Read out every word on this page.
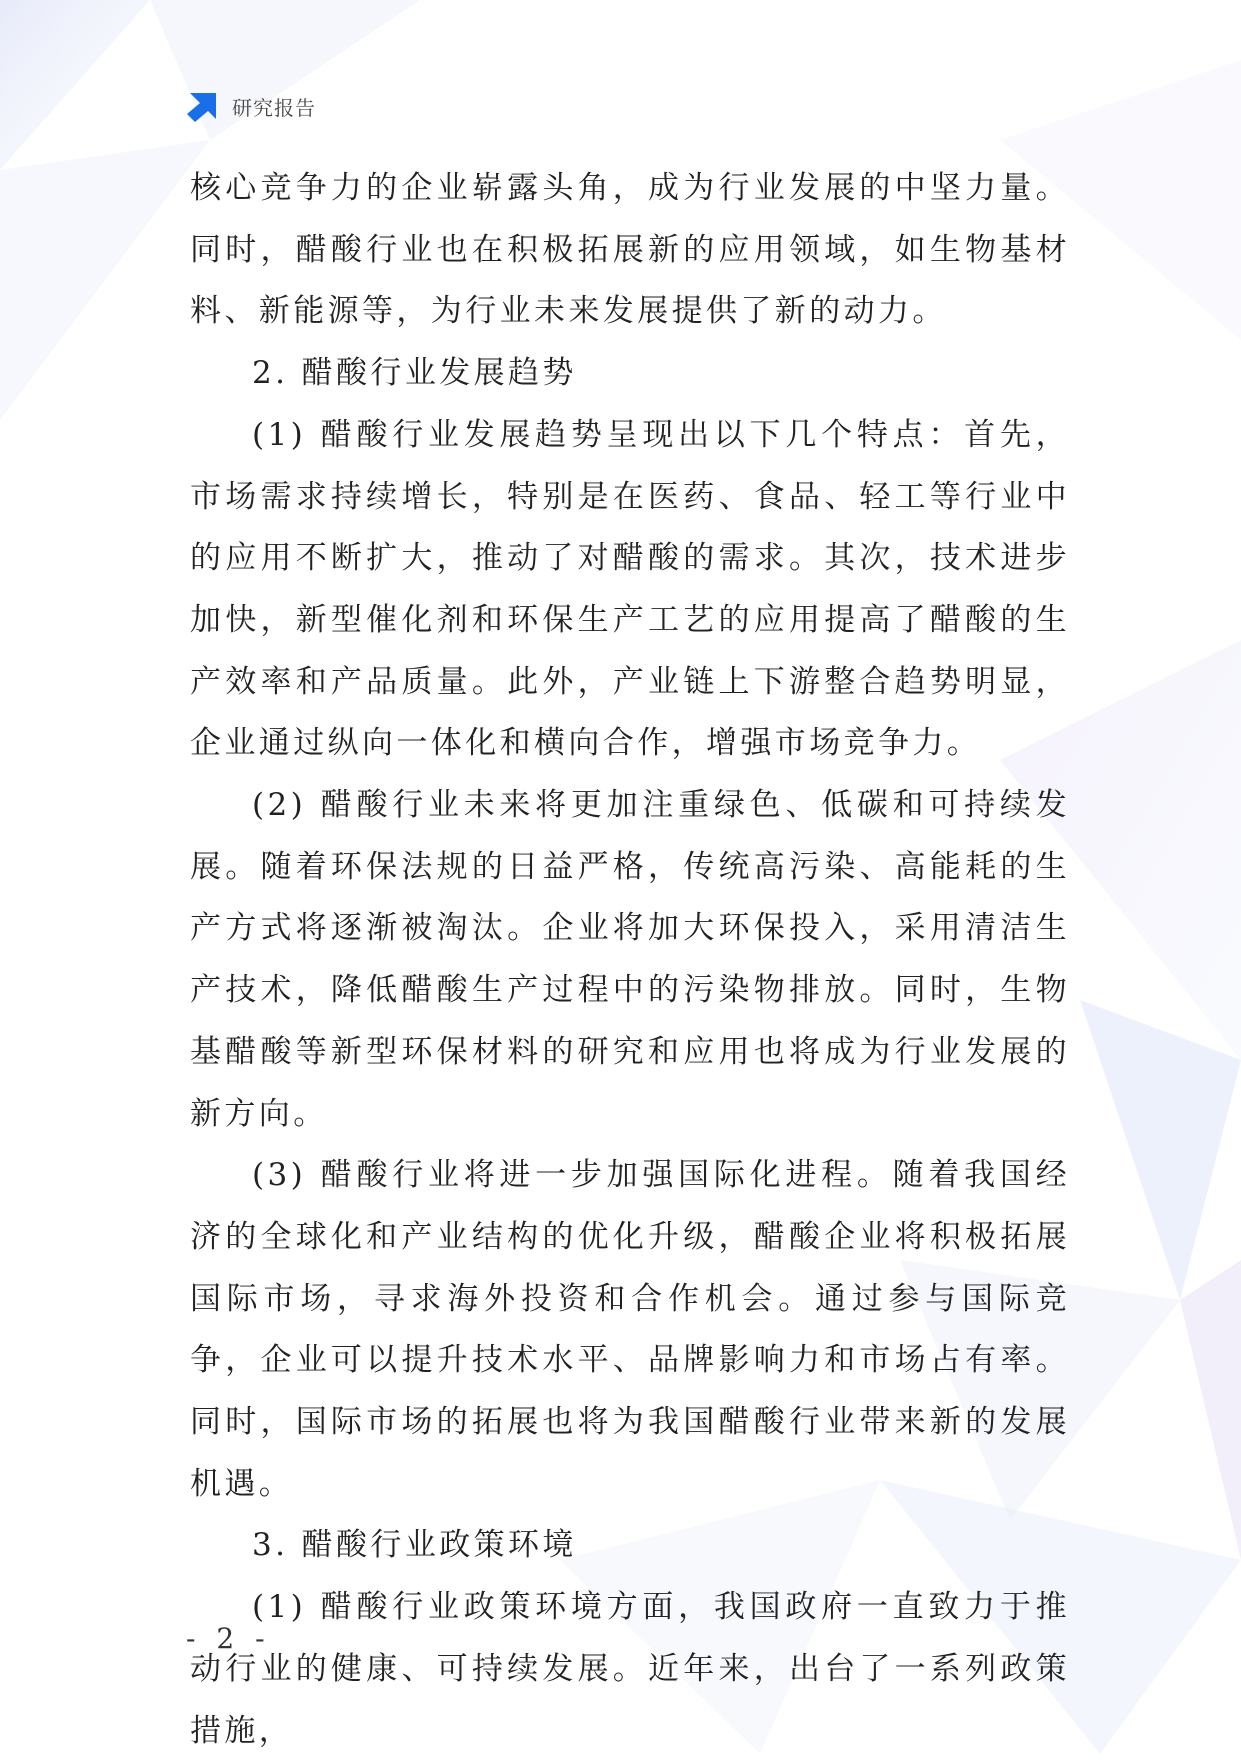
研究报告

核心竞争力的企业崭露头角，成为行业发展的中坚力量。同时，醋酸行业也在积极拓展新的应用领域，如生物基材料、新能源等，为行业未来发展提供了新的动力。

2. 醋酸行业发展趋势

(1) 醋酸行业发展趋势呈现出以下几个特点：首先，市场需求持续增长，特别是在医药、食品、轻工等行业中的应用不断扩大，推动了对醋酸的需求。其次，技术进步加快，新型催化剂和环保生产工艺的应用提高了醋酸的生产效率和产品质量。此外，产业链上下游整合趋势明显，企业通过纵向一体化和横向合作，增强市场竞争力。

(2) 醋酸行业未来将更加注重绿色、低碳和可持续发展。随着环保法规的日益严格，传统高污染、高能耗的生产方式将逐渐被淘汰。企业将加大环保投入，采用清洁生产技术，降低醋酸生产过程中的污染物排放。同时，生物基醋酸等新型环保材料的研究和应用也将成为行业发展的新方向。

(3) 醋酸行业将进一步加强国际化进程。随着我国经济的全球化和产业结构的优化升级，醋酸企业将积极拓展国际市场，寻求海外投资和合作机会。通过参与国际竞争，企业可以提升技术水平、品牌影响力和市场占有率。同时，国际市场的拓展也将为我国醋酸行业带来新的发展机遇。

3. 醋酸行业政策环境

(1) 醋酸行业政策环境方面，我国政府一直致力于推动行业的健康、可持续发展。近年来，出台了一系列政策措施，

- 2 -
